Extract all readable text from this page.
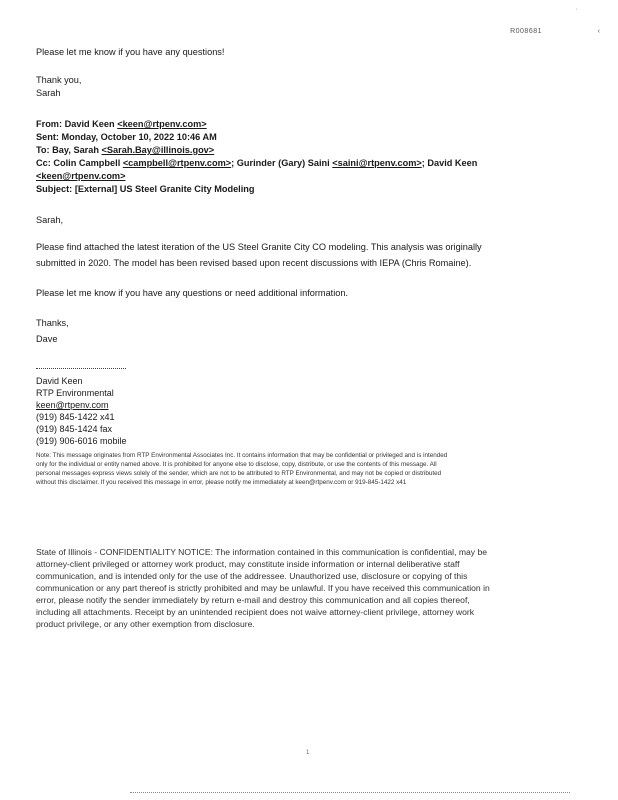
·
R008681	‹
Please let me know if you have any questions!
Thank you,
Sarah
From: David Keen <keen@rtpenv.com>
Sent: Monday, October 10, 2022 10:46 AM
To: Bay, Sarah <Sarah.Bay@illinois.gov>
Cc: Colin Campbell <campbell@rtpenv.com>; Gurinder (Gary) Saini <saini@rtpenv.com>; David Keen
<keen@rtpenv.com>
Subject: [External] US Steel Granite City Modeling
Sarah,
Please find attached the latest iteration of the US Steel Granite City CO modeling. This analysis was originally
submitted in 2020. The model has been revised based upon recent discussions with IEPA (Chris Romaine).
Please let me know if you have any questions or need additional information.
Thanks,
Dave
David Keen
RTP Environmental
keen@rtpenv.com
(919) 845-1422 x41
(919) 845-1424 fax
(919) 906-6016 mobile
Note: This message originates from RTP Environmental Associates Inc. It contains information that may be confidential or privileged and is intended
only for the individual or entity named above. It is prohibited for anyone else to disclose, copy, distribute, or use the contents of this message. All
personal messages express views solely of the sender, which are not to be attributed to RTP Environmental, and may not be copied or distributed
without this disclaimer. If you received this message in error, please notify me immediately at keen@rtpenv.com or 919-845-1422 x41
State of Illinois - CONFIDENTIALITY NOTICE: The information contained in this communication is confidential, may be
attorney-client privileged or attorney work product, may constitute inside information or internal deliberative staff
communication, and is intended only for the use of the addressee. Unauthorized use, disclosure or copying of this
communication or any part thereof is strictly prohibited and may be unlawful. If you have received this communication in
error, please notify the sender immediately by return e-mail and destroy this communication and all copies thereof,
including all attachments. Receipt by an unintended recipient does not waive attorney-client privilege, attorney work
product privilege, or any other exemption from disclosure.
1
